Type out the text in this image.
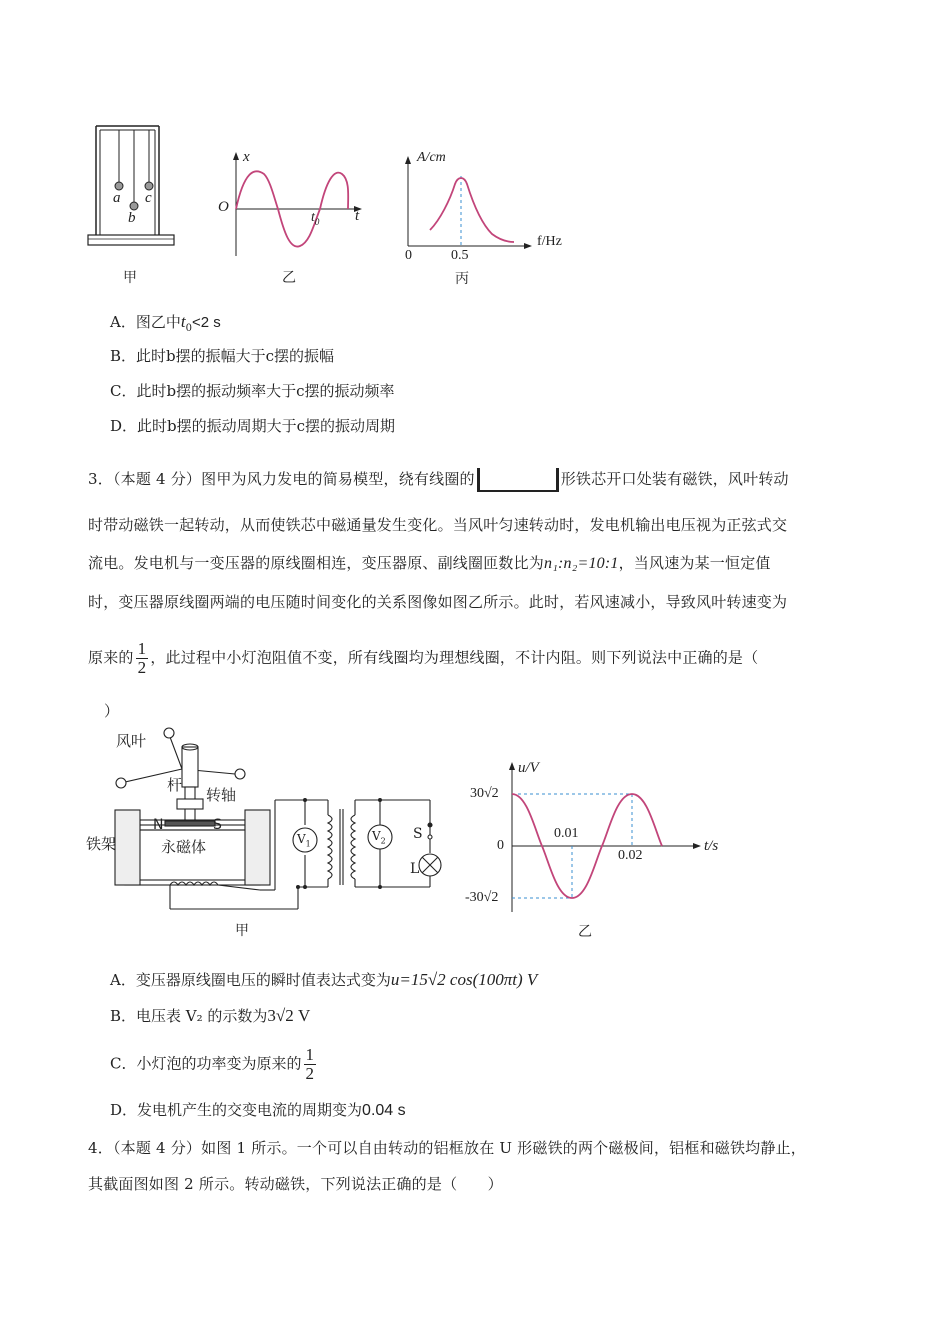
a
b
c
甲
x
t
O
$t_0$
乙
A/cm
f/Hz
0	0.5
丙
A．图乙中$t_0<2$ s
B．此时b摆的振幅大于c摆的振幅
C．此时b摆的振动频率大于c摆的振动频率
D．此时b摆的振动周期大于c摆的振动周期
3．（本题 4 分）图甲为风力发电的简易模型，绕有线圈的	形铁芯开口处装有磁铁，风叶转动
时带动磁铁一起转动，从而使铁芯中磁通量发生变化。当风叶匀速转动时，发电机输出电压视为正弦式交
流电。发电机与一变压器的原线圈相连，变压器原、副线圈匝数比为n₁:n₂=10:1，当风速为某一恒定值
时，变压器原线圈两端的电压随时间变化的关系图像如图乙所示。此时，若风速减小，导致风叶转速变为
原来的 $\frac{1}{2}$ ，此过程中小灯泡阻值不变，所有线圈均为理想线圈，不计内阻。则下列说法中正确的是（
）
风叶
杆
转轴
铁架
N	S
永磁体	$V_1$
$V_2$ S
L
甲
u/V
t/s
0
30√2
-30√2
0.01
0.02
乙
A．变压器原线圈电压的瞬时值表达式变为u=15√2 cos(100πt) V
B．电压表 V₂ 的示数为3√2 V
C．小灯泡的功率变为原来的 $\frac{1}{2}$
D．发电机产生的交变电流的周期变为0.04 s
4．（本题 4 分）如图 1 所示。一个可以自由转动的铝框放在 U 形磁铁的两个磁极间，铝框和磁铁均静止，
其截面图如图 2 所示。转动磁铁，下列说法正确的是（　　）
